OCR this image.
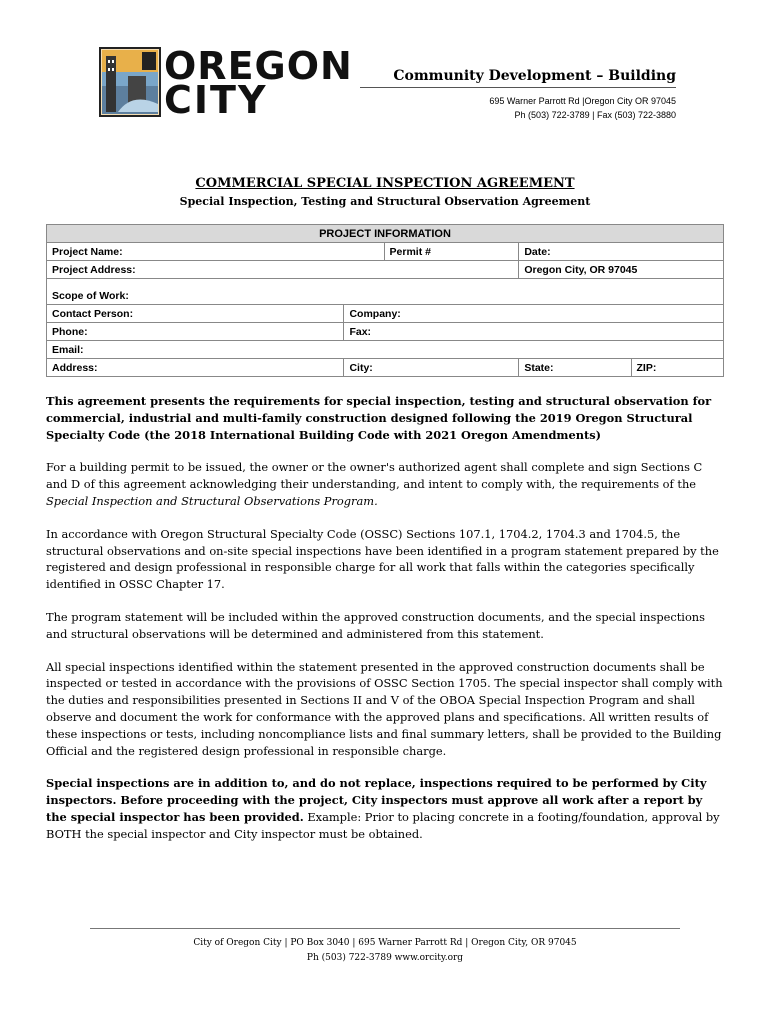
OREGON
CITY
Community Development – Building
695 Warner Parrott Rd |Oregon City OR 97045
Ph (503) 722-3789 | Fax (503) 722-3880
COMMERCIAL SPECIAL INSPECTION AGREEMENT
Special Inspection, Testing and Structural Observation Agreement
PROJECT INFORMATION				
Project Name:		Permit #	Date:	
Project Address:			Oregon City, OR 97045	

Scope of Work:				
Contact Person:	Company:			
Phone:	Fax:			
Email:				
Address:	City:		State:	ZIP:

This agreement presents the requirements for special inspection, testing and structural observation for commercial, industrial and multi-family construction designed following the 2019 Oregon Structural Specialty Code (the 2018 International Building Code with 2021 Oregon Amendments)

For a building permit to be issued, the owner or the owner's authorized agent shall complete and sign Sections C and D of this agreement acknowledging their understanding, and intent to comply with, the requirements of the Special Inspection and Structural Observations Program.

In accordance with Oregon Structural Specialty Code (OSSC) Sections 107.1, 1704.2, 1704.3 and 1704.5, the structural observations and on-site special inspections have been identified in a program statement prepared by the registered and design professional in responsible charge for all work that falls within the categories specifically identified in OSSC Chapter 17.

The program statement will be included within the approved construction documents, and the special inspections and structural observations will be determined and administered from this statement.

All special inspections identified within the statement presented in the approved construction documents shall be inspected or tested in accordance with the provisions of OSSC Section 1705. The special inspector shall comply with the duties and responsibilities presented in Sections II and V of the OBOA Special Inspection Program and shall observe and document the work for conformance with the approved plans and specifications. All written results of these inspections or tests, including noncompliance lists and final summary letters, shall be provided to the Building Official and the registered design professional in responsible charge.

Special inspections are in addition to, and do not replace, inspections required to be performed by City inspectors. Before proceeding with the project, City inspectors must approve all work after a report by the special inspector has been provided. Example: Prior to placing concrete in a footing/foundation, approval by BOTH the special inspector and City inspector must be obtained.

City of Oregon City | PO Box 3040 | 695 Warner Parrott Rd | Oregon City, OR 97045
Ph (503) 722-3789 www.orcity.org
